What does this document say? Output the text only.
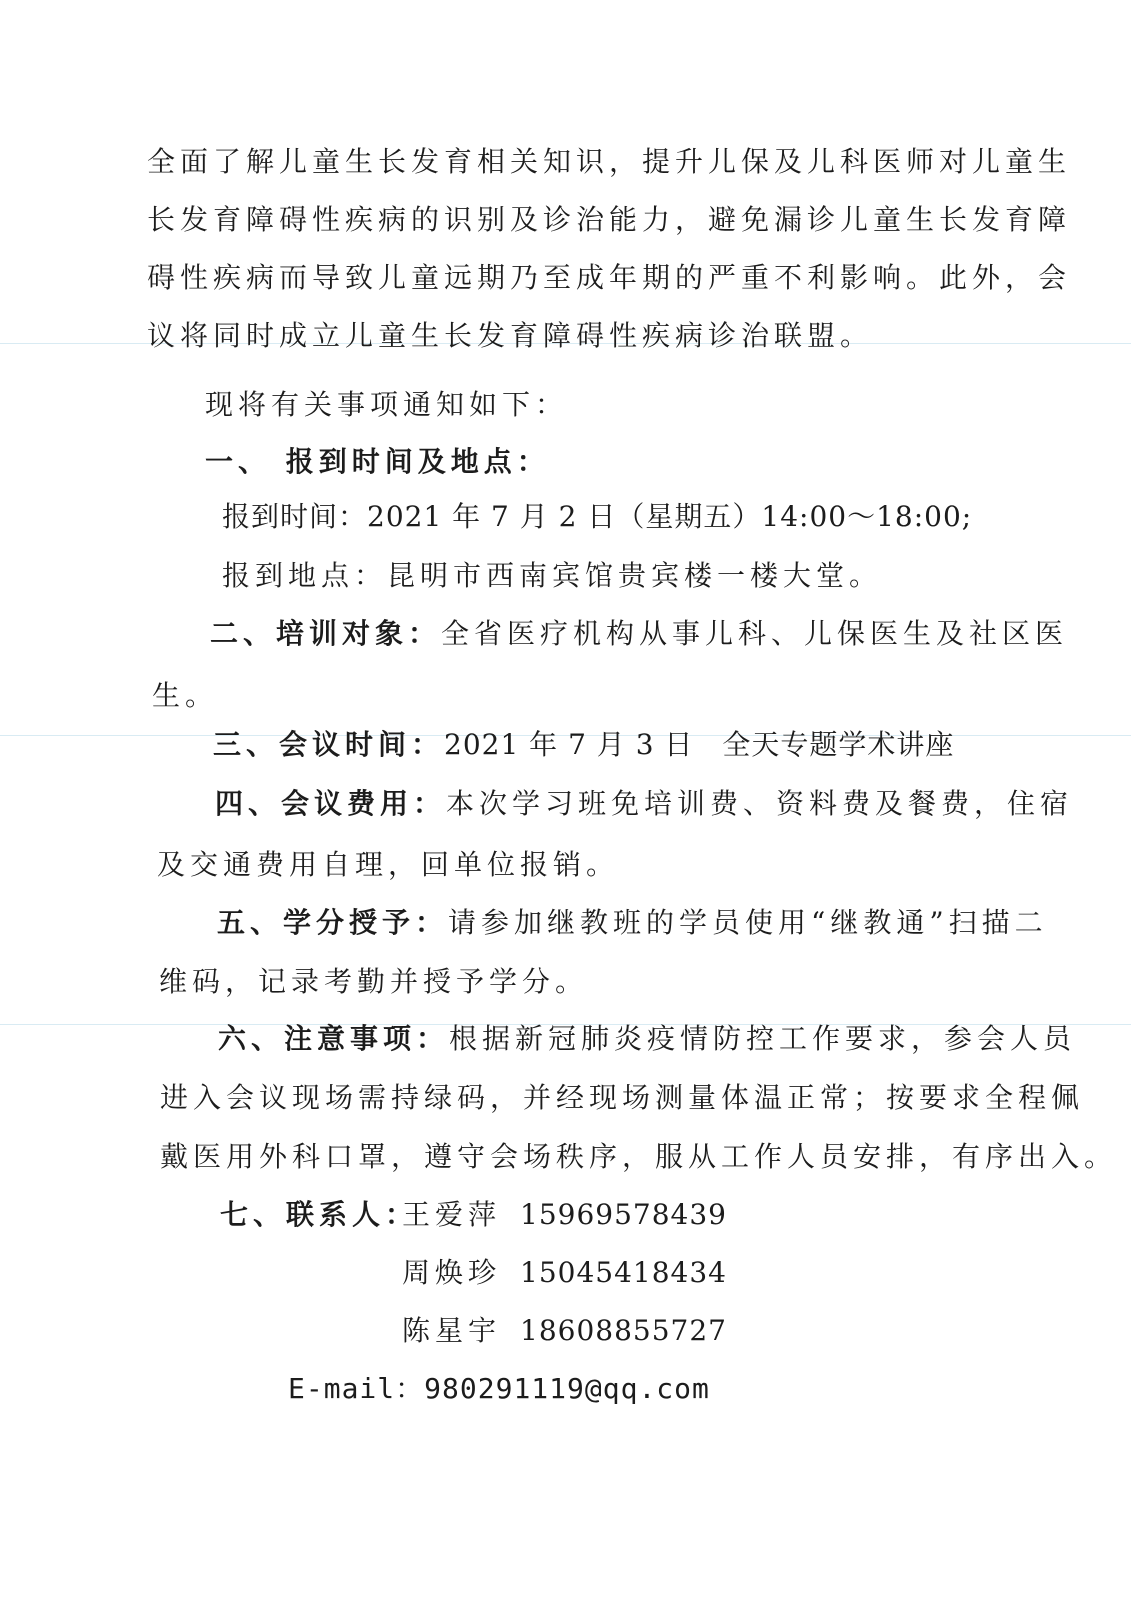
全面了解儿童生长发育相关知识，提升儿保及儿科医师对儿童生
长发育障碍性疾病的识别及诊治能力，避免漏诊儿童生长发育障
碍性疾病而导致儿童远期乃至成年期的严重不利影响。此外，会
议将同时成立儿童生长发育障碍性疾病诊治联盟。
现将有关事项通知如下：
一、 报到时间及地点：
报到时间：2021 年 7 月 2 日（星期五）14:00～18:00;
报到地点：昆明市西南宾馆贵宾楼一楼大堂。
二、培训对象：全省医疗机构从事儿科、儿保医生及社区医
生。
三、会议时间：2021 年 7 月 3 日　全天专题学术讲座
四、会议费用：本次学习班免培训费、资料费及餐费，住宿
及交通费用自理，回单位报销。
五、学分授予：请参加继教班的学员使用“继教通”扫描二
维码，记录考勤并授予学分。
六、注意事项：根据新冠肺炎疫情防控工作要求，参会人员
进入会议现场需持绿码，并经现场测量体温正常；按要求全程佩
戴医用外科口罩，遵守会场秩序，服从工作人员安排，有序出入。
七、联系人：
王爱萍 15969578439
周焕珍 15045418434
陈星宇 18608855727
E-mail：980291119@qq.com
